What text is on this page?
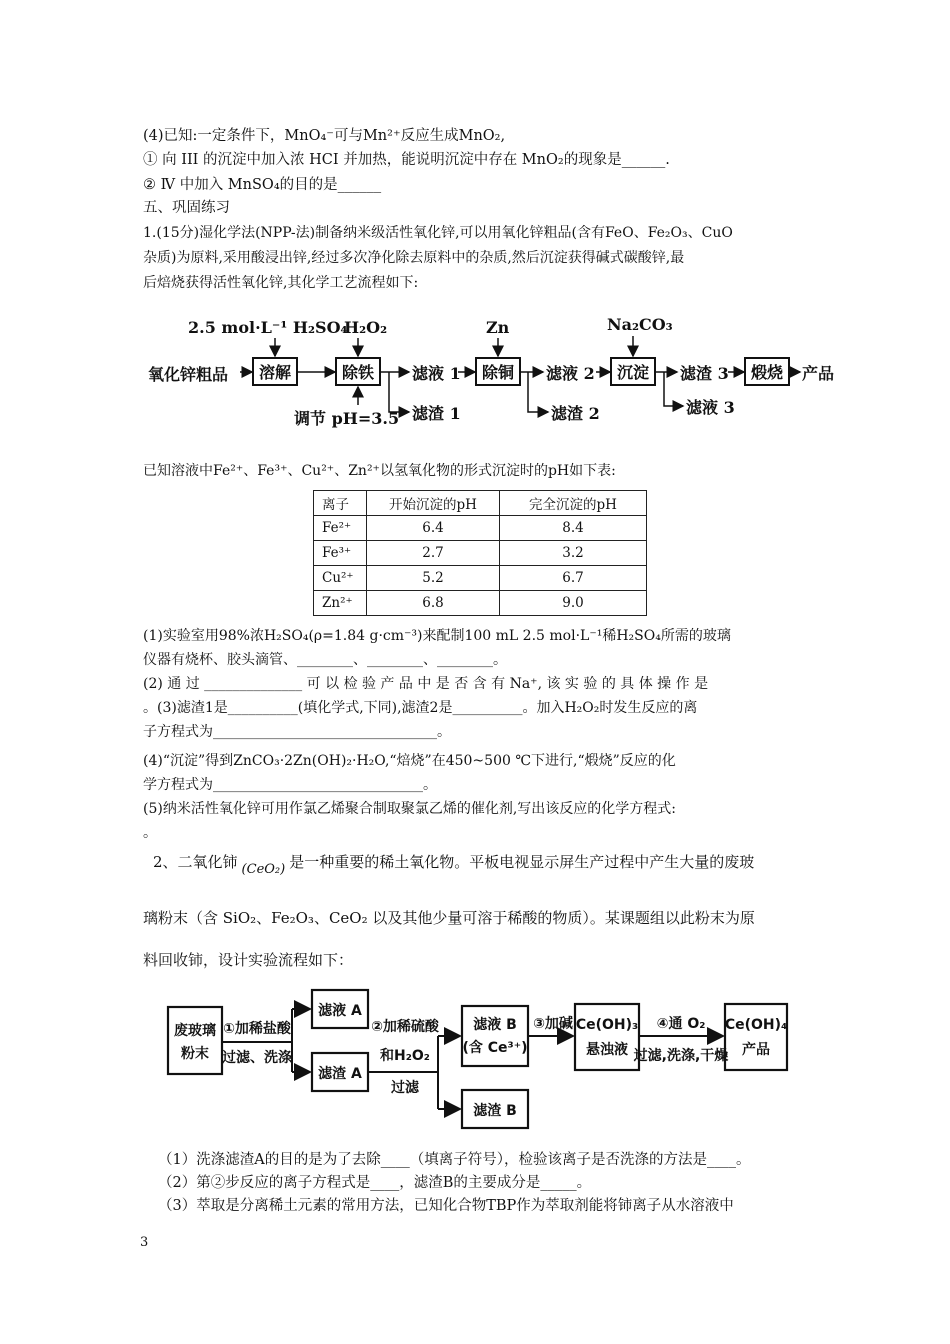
(4)已知:一定条件下，MnO₄⁻可与Mn²⁺反应生成MnO₂,
① 向 III 的沉淀中加入浓 HCI 并加热，能说明沉淀中存在 MnO₂的现象是______.
② Ⅳ 中加入 MnSO₄的目的是______
五、巩固练习
1.(15分)湿化学法(NPP-法)制备纳米级活性氧化锌,可以用氧化锌粗品(含有FeO、Fe₂O₃、CuO
杂质)为原料,采用酸浸出锌,经过多次净化除去原料中的杂质,然后沉淀获得碱式碳酸锌,最
后焙烧获得活性氧化锌,其化学工艺流程如下:
2.5 mol·L⁻¹ H₂SO₄
H₂O₂	Zn	Na₂CO₃
氧化锌粗品	滤液 1	滤液 2	滤渣 3	产品
调节 pH=3.5 滤渣 1	滤渣 2	滤液 3
溶解	除铁	除铜	沉淀	煅烧
已知溶液中Fe²⁺、Fe³⁺、Cu²⁺、Zn²⁺以氢氧化物的形式沉淀时的pH如下表:
离子	开始沉淀的pH	完全沉淀的pH
Fe²⁺	6.4	8.4
Fe³⁺	2.7	3.2
Cu²⁺	5.2	6.7
Zn²⁺	6.8	9.0
(1)实验室用98%浓H₂SO₄(ρ=1.84 g·cm⁻³)来配制100 mL 2.5 mol·L⁻¹稀H₂SO₄所需的玻璃
仪器有烧杯、胶头滴管、________、________、________。
(2) 通 过 ______________ 可 以 检 验 产 品 中 是 否 含 有 Na⁺, 该 实 验 的 具 体 操 作 是
。(3)滤渣1是__________(填化学式,下同),滤渣2是__________。加入H₂O₂时发生反应的离
子方程式为________________________________。
(4)“沉淀”得到ZnCO₃·2Zn(OH)₂·H₂O,“焙烧”在450~500 ℃下进行,“煅烧”反应的化
学方程式为______________________________。
(5)纳米活性氧化锌可用作氯乙烯聚合制取聚氯乙烯的催化剂,写出该反应的化学方程式:
。
2、二氧化铈 (CeO₂) 是一种重要的稀土氧化物。平板电视显示屏生产过程中产生大量的废玻
璃粉末（含 SiO₂、Fe₂O₃、CeO₂ 以及其他少量可溶于稀酸的物质）。某课题组以此粉末为原
料回收铈，设计实验流程如下：
废玻璃
粉末
滤液 A
滤渣 A
滤液 B
(含 Ce³⁺)
滤渣 B
Ce(OH)₃
悬浊液
Ce(OH)₄
产品
①加稀盐酸
过滤、洗涤
②加稀硫酸
和H₂O₂
过滤
③加碱	④通 O₂
过滤,洗涤,干燥
（1）洗涤滤渣A的目的是为了去除____（填离子符号），检验该离子是否洗涤的方法是____。
（2）第②步反应的离子方程式是____，滤渣B的主要成分是_____。
（3）萃取是分离稀土元素的常用方法，已知化合物TBP作为萃取剂能将铈离子从水溶液中
3
